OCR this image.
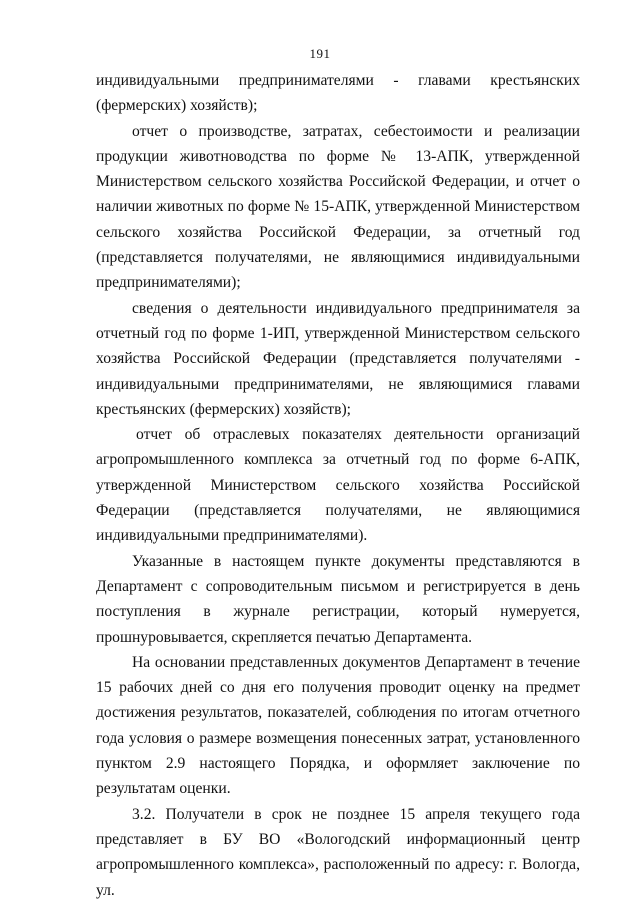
191

индивидуальными предпринимателями - главами крестьянских (фермерских) хозяйств);

отчет о производстве, затратах, себестоимости и реализации продукции животноводства по форме № 13-АПК, утвержденной Министерством сельского хозяйства Российской Федерации, и отчет о наличии животных по форме № 15-АПК, утвержденной Министерством сельского хозяйства Российской Федерации, за отчетный год (представляется получателями, не являющимися индивидуальными предпринимателями);

сведения о деятельности индивидуального предпринимателя за отчетный год по форме 1-ИП, утвержденной Министерством сельского хозяйства Российской Федерации (представляется получателями - индивидуальными предпринимателями, не являющимися главами крестьянских (фермерских) хозяйств);

отчет об отраслевых показателях деятельности организаций агропромышленного комплекса за отчетный год по форме 6-АПК, утвержденной Министерством сельского хозяйства Российской Федерации (представляется получателями, не являющимися индивидуальными предпринимателями).

Указанные в настоящем пункте документы представляются в Департамент с сопроводительным письмом и регистрируется в день поступления в журнале регистрации, который нумеруется, прошнуровывается, скрепляется печатью Департамента.

На основании представленных документов Департамент в течение 15 рабочих дней со дня его получения проводит оценку на предмет достижения результатов, показателей, соблюдения по итогам отчетного года условия о размере возмещения понесенных затрат, установленного пунктом 2.9 настоящего Порядка, и оформляет заключение по результатам оценки.

3.2. Получатели в срок не позднее 15 апреля текущего года представляет в БУ ВО «Вологодский информационный центр агропромышленного комплекса», расположенный по адресу: г. Вологда, ул.
